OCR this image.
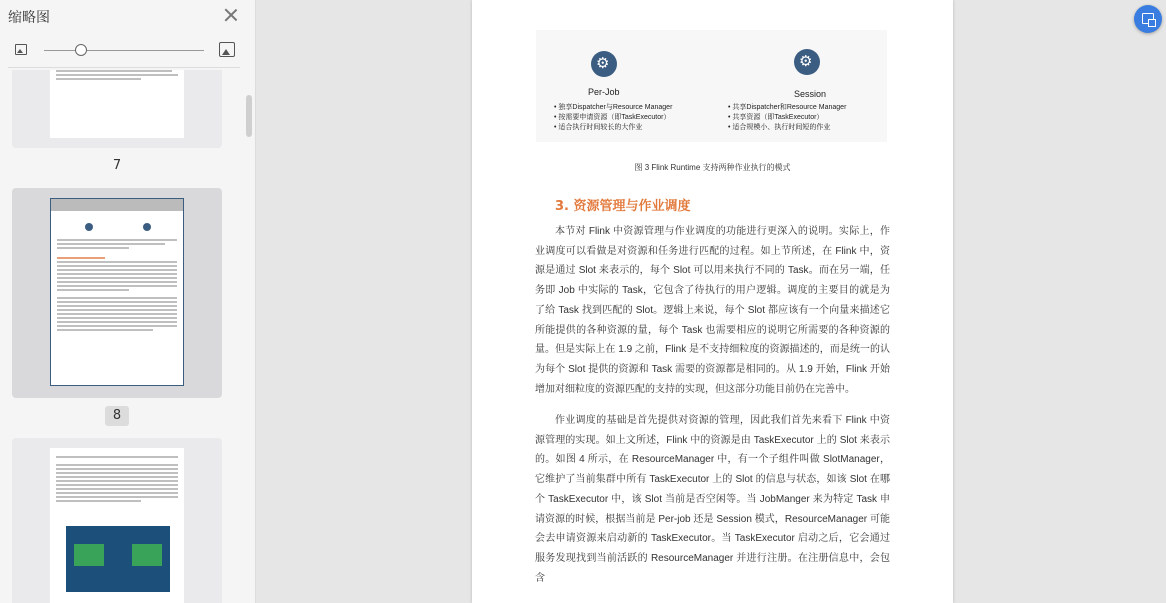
缩略图
7
8
⚙
Per-Job
• 独享Dispatcher与Resource Manager
• 按需要申请资源（即TaskExecutor）
• 适合执行时间较长的大作业
⚙
Session
• 共享Dispatcher和Resource Manager
• 共享资源（即TaskExecutor）
• 适合规模小、执行时间短的作业
图 3 Flink Runtime 支持两种作业执行的模式
3. 资源管理与作业调度
本节对 Flink 中资源管理与作业调度的功能进行更深入的说明。实际上，作业调度可以看做是对资源和任务进行匹配的过程。如上节所述，在 Flink 中，资源是通过 Slot 来表示的，每个 Slot 可以用来执行不同的 Task。而在另一端，任务即 Job 中实际的 Task，它包含了待执行的用户逻辑。调度的主要目的就是为了给 Task 找到匹配的 Slot。逻辑上来说，每个 Slot 都应该有一个向量来描述它所能提供的各种资源的量，每个 Task 也需要相应的说明它所需要的各种资源的量。但是实际上在 1.9 之前，Flink 是不支持细粒度的资源描述的，而是统一的认为每个 Slot 提供的资源和 Task 需要的资源都是相同的。从 1.9 开始，Flink 开始增加对细粒度的资源匹配的支持的实现，但这部分功能目前仍在完善中。
作业调度的基础是首先提供对资源的管理，因此我们首先来看下 Flink 中资源管理的实现。如上文所述，Flink 中的资源是由 TaskExecutor 上的 Slot 来表示的。如图 4 所示，在 ResourceManager 中，有一个子组件叫做 SlotManager，它维护了当前集群中所有 TaskExecutor 上的 Slot 的信息与状态，如该 Slot 在哪个 TaskExecutor 中，该 Slot 当前是否空闲等。当 JobManger 来为特定 Task 申请资源的时候，根据当前是 Per-job 还是 Session 模式，ResourceManager 可能会去申请资源来启动新的 TaskExecutor。当 TaskExecutor 启动之后，它会通过服务发现找到当前活跃的 ResourceManager 并进行注册。在注册信息中，会包含
